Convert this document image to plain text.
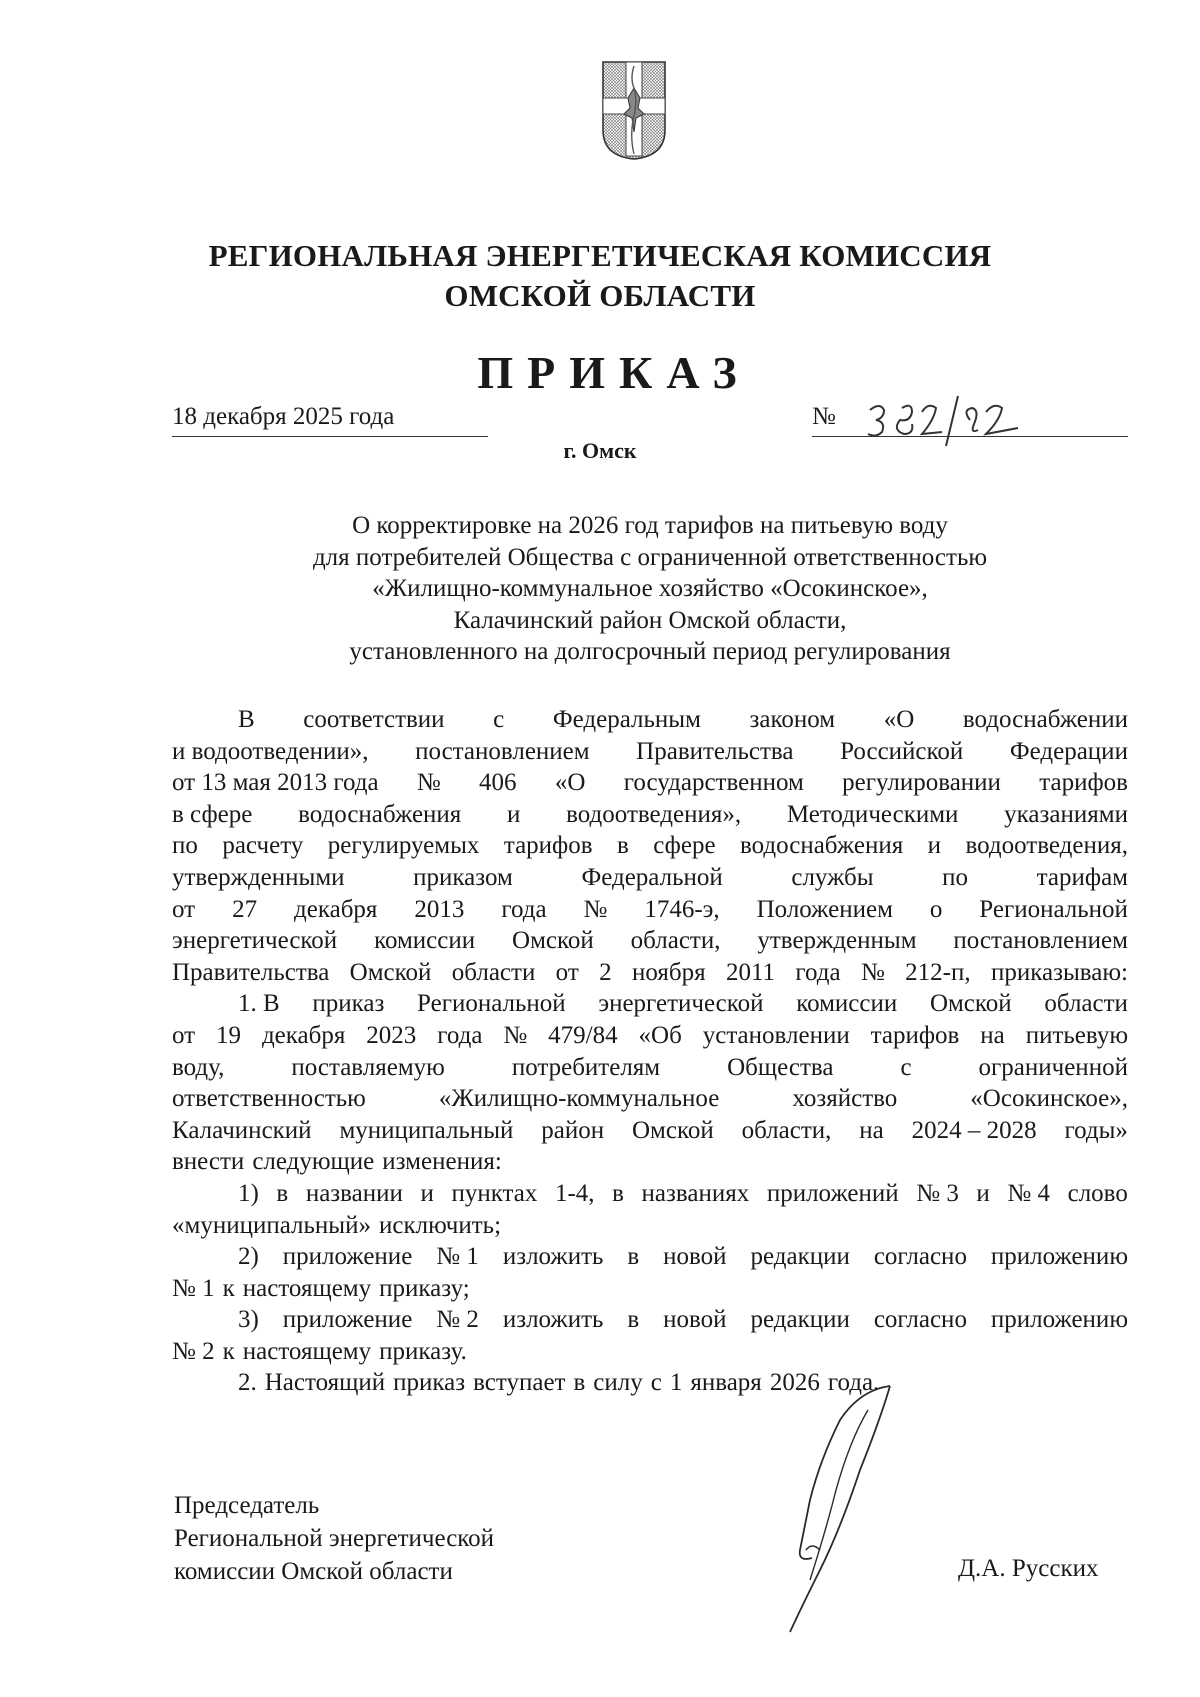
РЕГИОНАЛЬНАЯ ЭНЕРГЕТИЧЕСКАЯ КОМИССИЯ
ОМСКОЙ ОБЛАСТИ
ПРИКАЗ
18 декабря 2025 года	№
г. Омск
О корректировке на 2026 год тарифов на питьевую воду
для потребителей Общества с ограниченной ответственностью
«Жилищно-коммунальное хозяйство «Осокинское»,
Калачинский район Омской области,
установленного на долгосрочный период регулирования
В соответствии с Федеральным законом «О водоснабжении
и водоотведении», постановлением Правительства Российской Федерации
от 13 мая 2013 года № 406 «О государственном регулировании тарифов
в сфере водоснабжения и водоотведения», Методическими указаниями
по расчету регулируемых тарифов в сфере водоснабжения и водоотведения,
утвержденными	приказом	Федеральной	службы	по	тарифам
от 27 декабря 2013 года № 1746-э, Положением о Региональной
энергетической комиссии Омской области, утвержденным постановлением
Правительства Омской области от 2 ноября 2011 года № 212-п, приказываю:
1. В приказ Региональной энергетической комиссии Омской области
от 19 декабря 2023 года № 479/84 «Об установлении тарифов на питьевую
воду,	поставляемую	потребителям	Общества	с	ограниченной
ответственностью	«Жилищно-коммунальное	хозяйство	«Осокинское»,
Калачинский муниципальный район Омской области, на 2024 – 2028 годы»
внести следующие изменения:
1) в названии и пунктах 1-4, в названиях приложений № 3 и № 4 слово
«муниципальный» исключить;
2) приложение № 1 изложить в новой редакции согласно приложению
№ 1 к настоящему приказу;
3) приложение № 2 изложить в новой редакции согласно приложению
№ 2 к настоящему приказу.
2. Настоящий приказ вступает в силу с 1 января 2026 года.
Председатель
Региональной энергетической
комиссии Омской области	Д.А. Русских
